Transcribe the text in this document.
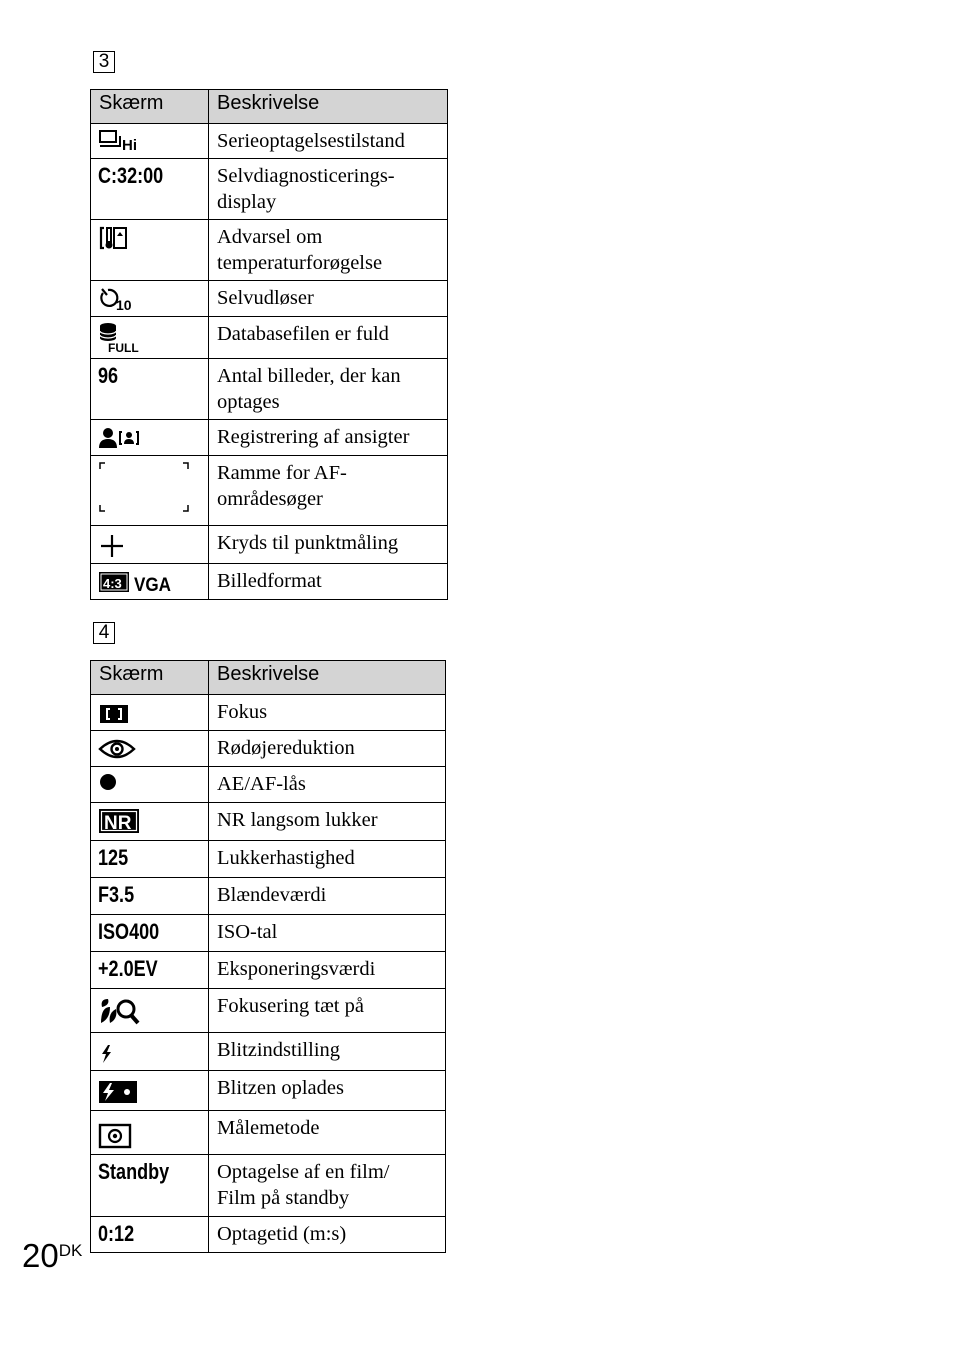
3
Skærm	Beskrivelse

Hi	Serieoptagelsestilstand
C:32:00	Selvdiagnosticerings-
display
	Advarsel om
temperaturforøgelse

10	Selvudløser

FULL	Databasefilen er fuld
96	Antal billeder, der kan
optages
	Registrering af ansigter
	Ramme for AF-
områdesøger
	Kryds til punktmåling

4:3 VGA	Billedformat
4
Skærm	Beskrivelse
	Fokus
	Rødøjereduktion
	AE/AF-lås

NR	NR langsom lukker
125	Lukkerhastighed
F3.5	Blændeværdi
ISO400	ISO-tal
+2.0EV	Eksponeringsværdi
	Fokusering tæt på
	Blitzindstilling
	Blitzen oplades
	Målemetode
Standby	Optagelse af en film/
Film på standby
0:12	Optagetid (m:s)
$20^{DK}$
